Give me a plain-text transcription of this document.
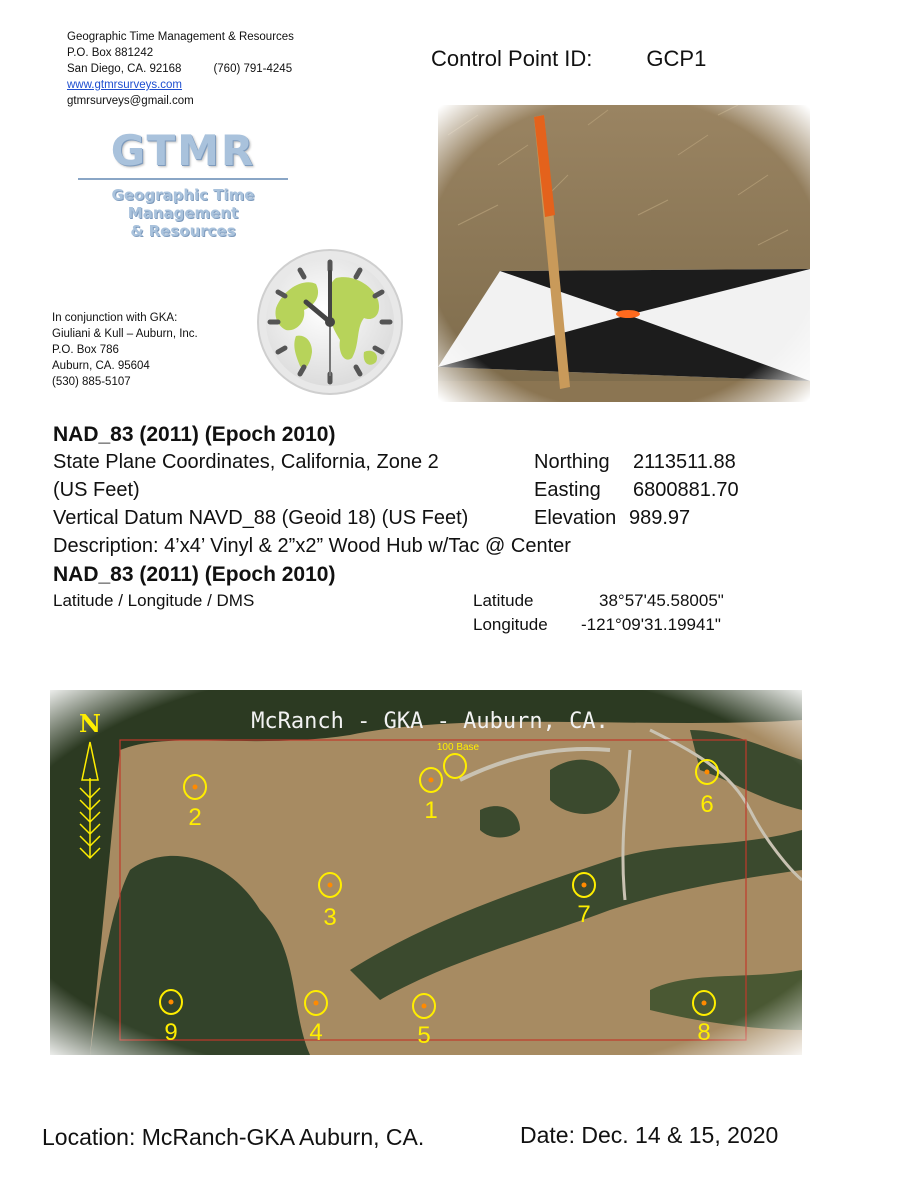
Geographic Time Management & Resources
P.O. Box 881242
San Diego, CA. 92168	(760) 791-4245
www.gtmrsurveys.com
gtmrsurveys@gmail.com
Control Point ID: GCP1
GTMR
Geographic Time
Management
& Resources
In conjunction with GKA:
Giuliani & Kull – Auburn, Inc.
P.O. Box 786
Auburn, CA. 95604
(530) 885-5107
NAD_83 (2011) (Epoch 2010)
State Plane Coordinates, California, Zone 2
(US Feet)
Vertical Datum NAVD_88 (Geoid 18) (US Feet)
Northing 2113511.88
Easting 6800881.70
Elevation 989.97
Description: 4’x4’ Vinyl & 2”x2” Wood Hub w/Tac @ Center
NAD_83 (2011) (Epoch 2010)
Latitude / Longitude / DMS	Latitude	38°57'45.58005"
Longitude -121°09'31.19941"
McRanch - GKA - Auburn, CA.
N
100 Base
1
2
3
4	5
6
7
8
9
Location: McRanch-GKA Auburn, CA.	Date: Dec. 14 & 15, 2020
